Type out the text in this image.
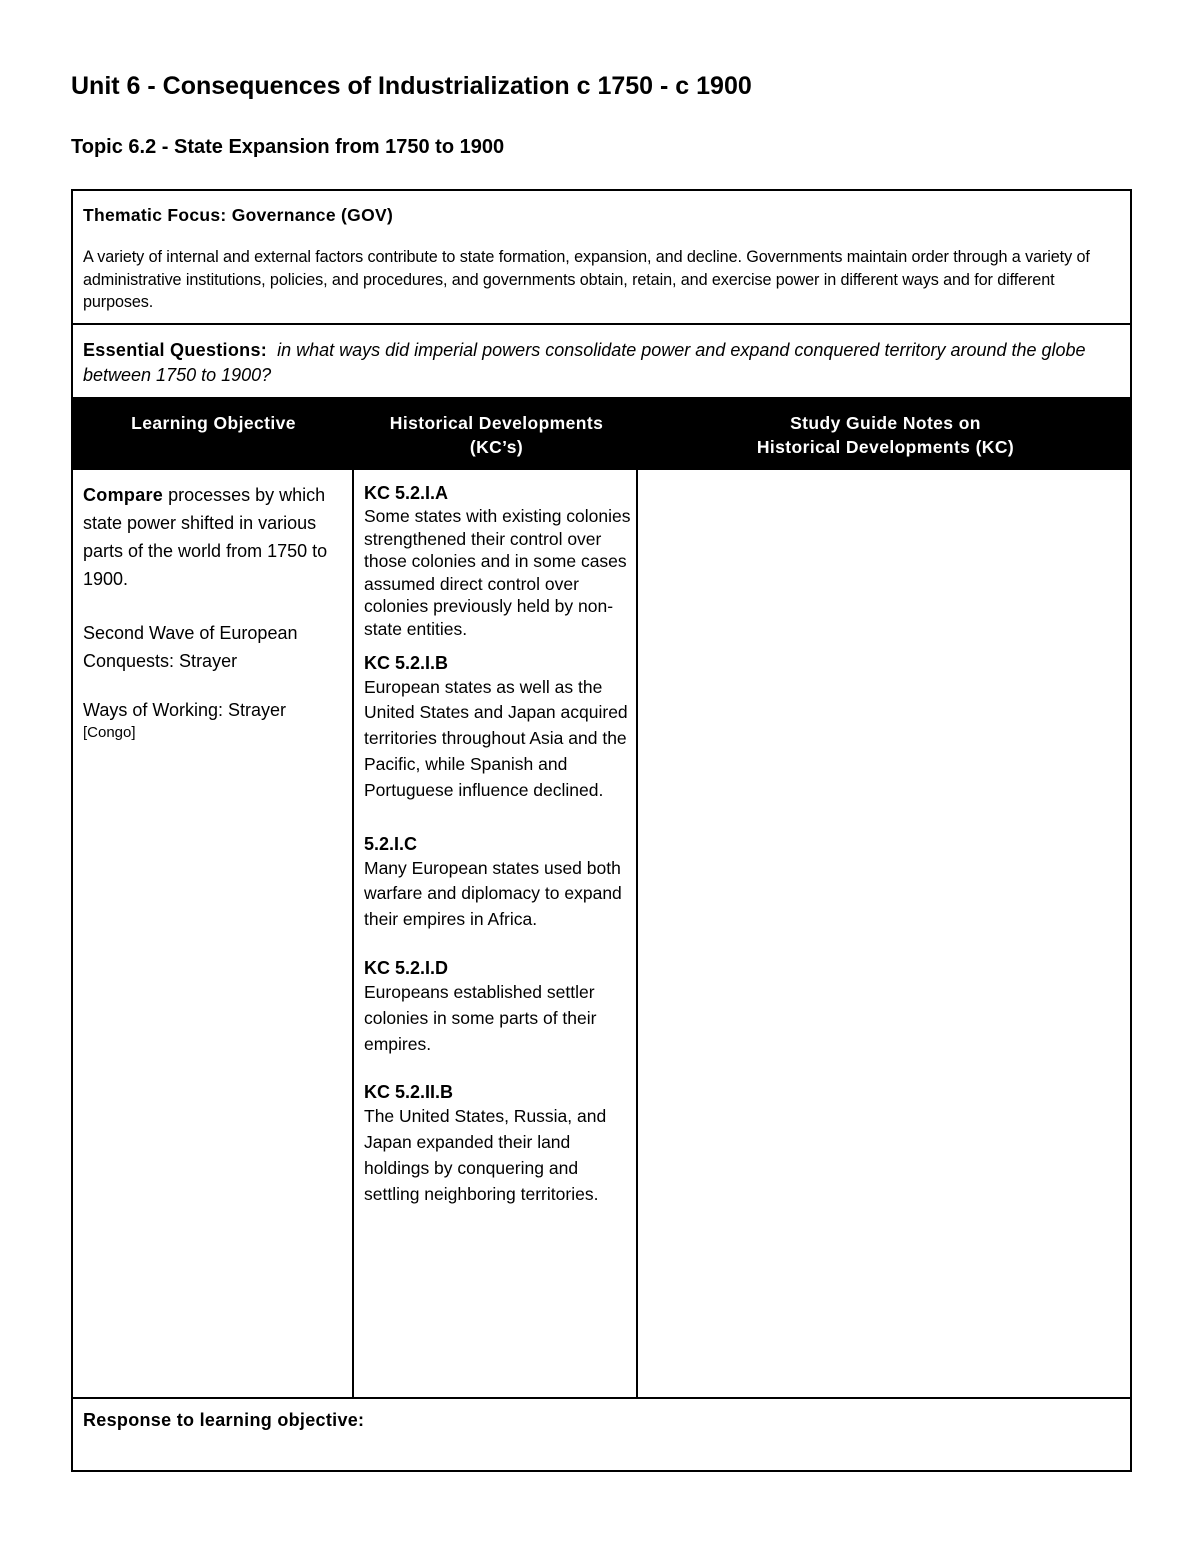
Unit 6 - Consequences of Industrialization c 1750 - c 1900
Topic 6.2 - State Expansion from 1750 to 1900
Thematic Focus: Governance (GOV)
A variety of internal and external factors contribute to state formation, expansion, and decline. Governments maintain order through a variety of administrative institutions, policies, and procedures, and governments obtain, retain, and exercise power in different ways and for different purposes.
Essential Questions: in what ways did imperial powers consolidate power and expand conquered territory around the globe between 1750 to 1900?
Learning Objective	Historical Developments
(KC’s)
Study Guide Notes on
Historical Developments (KC)

Compare processes by which state power shifted in various parts of the world from 1750 to 1900.

Second Wave of European Conquests: Strayer

Ways of Working: Strayer

[Congo]

KC 5.2.I.A
Some states with existing colonies strengthened their control over those colonies and in some cases assumed direct control over colonies previously held by non-state entities.
KC 5.2.I.B
European states as well as the United States and Japan acquired territories throughout Asia and the Pacific, while Spanish and Portuguese influence declined.
5.2.I.C
Many European states used both warfare and diplomacy to expand their empires in Africa.
KC 5.2.I.D
Europeans established settler colonies in some parts of their empires.
KC 5.2.II.B
The United States, Russia, and Japan expanded their land holdings by conquering and settling neighboring territories.
Response to learning objective:
